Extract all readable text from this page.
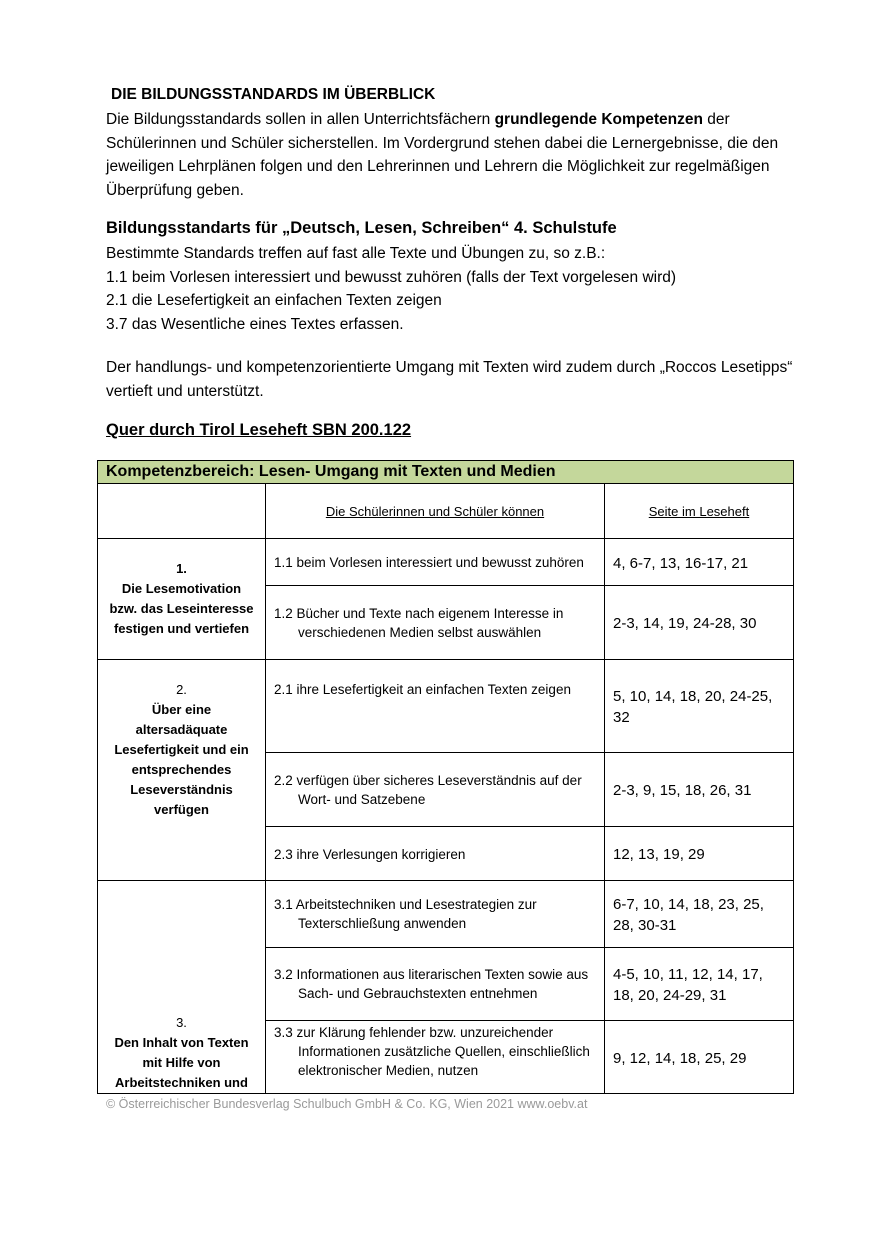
DIE BILDUNGSSTANDARDS IM ÜBERBLICK
Die Bildungsstandards sollen in allen Unterrichtsfächern grundlegende Kompetenzen der Schülerinnen und Schüler sicherstellen. Im Vordergrund stehen dabei die Lernergebnisse, die den jeweiligen Lehrplänen folgen und den Lehrerinnen und Lehrern die Möglichkeit zur regelmäßigen Überprüfung geben.
Bildungsstandarts für „Deutsch, Lesen, Schreiben“ 4. Schulstufe
Bestimmte Standards treffen auf fast alle Texte und Übungen zu, so z.B.:
1.1 beim Vorlesen interessiert und bewusst zuhören (falls der Text vorgelesen wird)
2.1 die Lesefertigkeit an einfachen Texten zeigen
3.7 das Wesentliche eines Textes erfassen.
Der handlungs- und kompetenzorientierte Umgang mit Texten wird zudem durch „Roccos Lesetipps“ vertieft und unterstützt.
Quer durch Tirol Leseheft SBN 200.122
Kompetenzbereich: Lesen- Umgang mit Texten und Medien		
	Die Schülerinnen und Schüler können	Seite im Leseheft

1.
Die Lesemotivation bzw. das Leseinteresse festigen und vertiefen	1.1 beim Vorlesen interessiert und bewusst zuhören	4, 6-7, 13, 16-17, 21

	1.2 Bücher und Texte nach eigenem Interesse in verschiedenen Medien selbst auswählen	2-3, 14, 19, 24-28, 30

2.
Über eine altersadäquate Lesefertigkeit und ein entsprechendes Leseverständnis verfügen	2.1 ihre Lesefertigkeit an einfachen Texten zeigen	5, 10, 14, 18, 20, 24-25, 32

	2.2 verfügen über sicheres Leseverständnis auf der Wort- und Satzebene	2-3, 9, 15, 18, 26, 31

	2.3 ihre Verlesungen korrigieren	12, 13, 19, 29

3.
Den Inhalt von Texten mit Hilfe von Arbeitstechniken und	3.1 Arbeitstechniken und Lesestrategien zur Texterschließung anwenden	6-7, 10, 14, 18, 23, 25, 28, 30-31

	3.2 Informationen aus literarischen Texten sowie aus Sach- und Gebrauchstexten entnehmen	4-5, 10, 11, 12, 14, 17, 18, 20, 24-29, 31

	3.3 zur Klärung fehlender bzw. unzureichender Informationen zusätzliche Quellen, einschließlich elektronischer Medien, nutzen	9, 12, 14, 18, 25, 29
© Österreichischer Bundesverlag Schulbuch GmbH & Co. KG, Wien 2021 www.oebv.at
